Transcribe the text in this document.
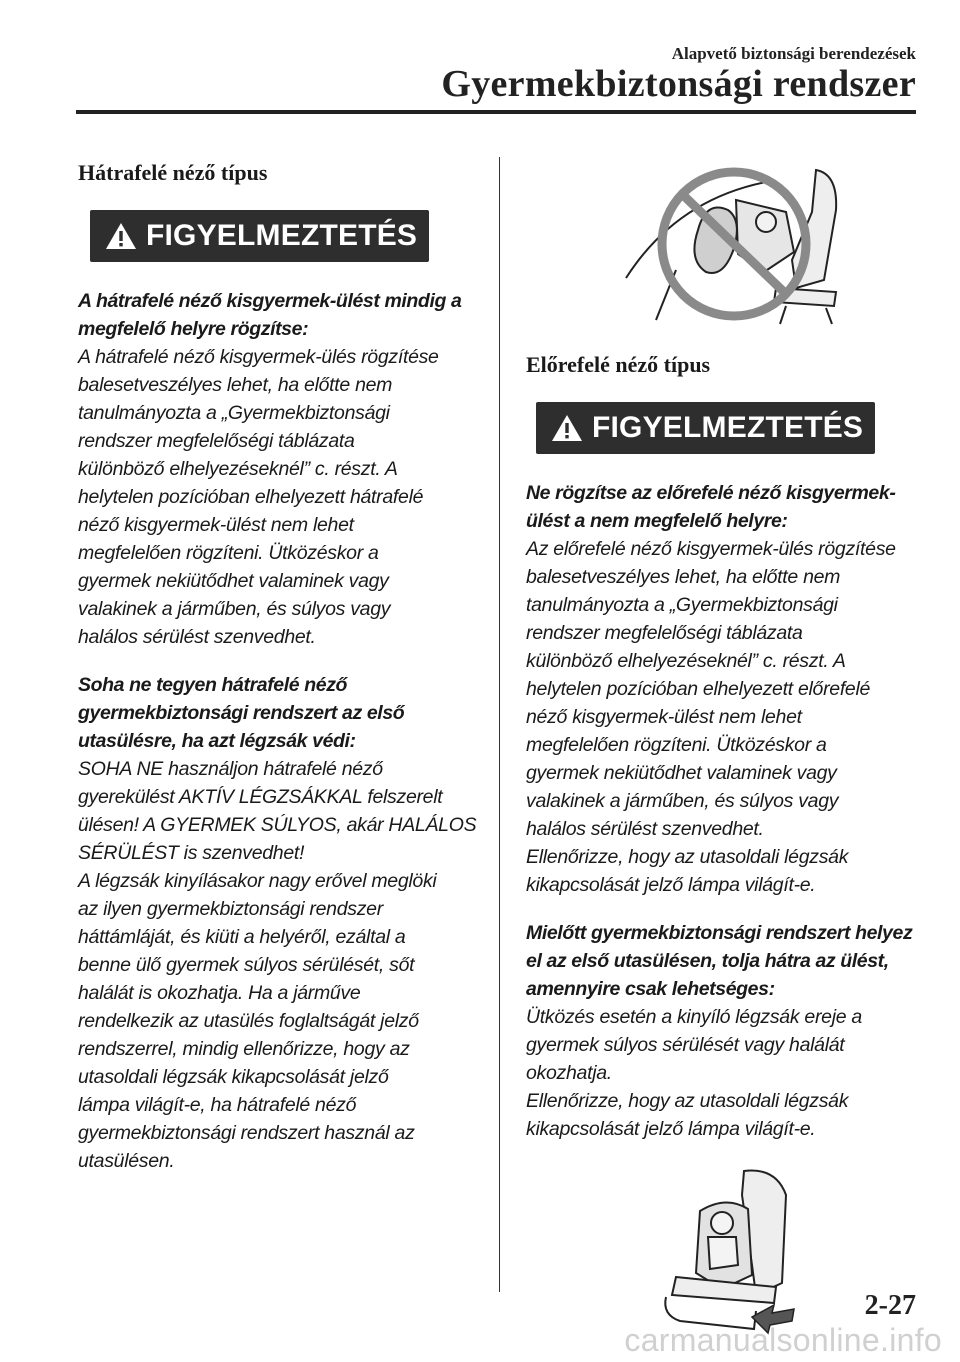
Alapvető biztonsági berendezések
Gyermekbiztonsági rendszer
Hátrafelé néző típus
FIGYELMEZTETÉS

A hátrafelé néző kisgyermek-ülést mindig a megfelelő helyre rögzítse:

A hátrafelé néző kisgyermek-ülés rögzítése
balesetveszélyes lehet, ha előtte nem
tanulmányozta a „Gyermekbiztonsági
rendszer megfelelőségi táblázata
különböző elhelyezéseknél” c. részt. A
helytelen pozícióban elhelyezett hátrafelé
néző kisgyermek-ülést nem lehet
megfelelően rögzíteni. Ütközéskor a
gyermek nekiütődhet valaminek vagy
valakinek a járműben, és súlyos vagy
halálos sérülést szenvedhet.

Soha ne tegyen hátrafelé néző gyermekbiztonsági rendszert az első utasülésre, ha azt légzsák védi:

SOHA NE használjon hátrafelé néző
gyerekülést AKTÍV LÉGZSÁKKAL felszerelt
ülésen! A GYERMEK SÚLYOS, akár HALÁLOS
SÉRÜLÉST is szenvedhet!
A légzsák kinyílásakor nagy erővel meglöki
az ilyen gyermekbiztonsági rendszer
háttámláját, és kiüti a helyéről, ezáltal a
benne ülő gyermek súlyos sérülését, sőt
halálát is okozhatja. Ha a járműve
rendelkezik az utasülés foglaltságát jelző
rendszerrel, mindig ellenőrizze, hogy az
utasoldali légzsák kikapcsolását jelző
lámpa világít-e, ha hátrafelé néző
gyermekbiztonsági rendszert használ az
utasülésen.

Előrefelé néző típus
FIGYELMEZTETÉS

Ne rögzítse az előrefelé néző kisgyermek-ülést a nem megfelelő helyre:

Az előrefelé néző kisgyermek-ülés rögzítése
balesetveszélyes lehet, ha előtte nem
tanulmányozta a „Gyermekbiztonsági
rendszer megfelelőségi táblázata
különböző elhelyezéseknél” c. részt. A
helytelen pozícióban elhelyezett előrefelé
néző kisgyermek-ülést nem lehet
megfelelően rögzíteni. Ütközéskor a
gyermek nekiütődhet valaminek vagy
valakinek a járműben, és súlyos vagy
halálos sérülést szenvedhet.
Ellenőrizze, hogy az utasoldali légzsák
kikapcsolását jelző lámpa világít-e.

Mielőtt gyermekbiztonsági rendszert helyez el az első utasülésen, tolja hátra az ülést, amennyire csak lehetséges:

Ütközés esetén a kinyíló légzsák ereje a
gyermek súlyos sérülését vagy halálát
okozhatja.
Ellenőrizze, hogy az utasoldali légzsák
kikapcsolását jelző lámpa világít-e.

2-27
carmanualsonline.info
